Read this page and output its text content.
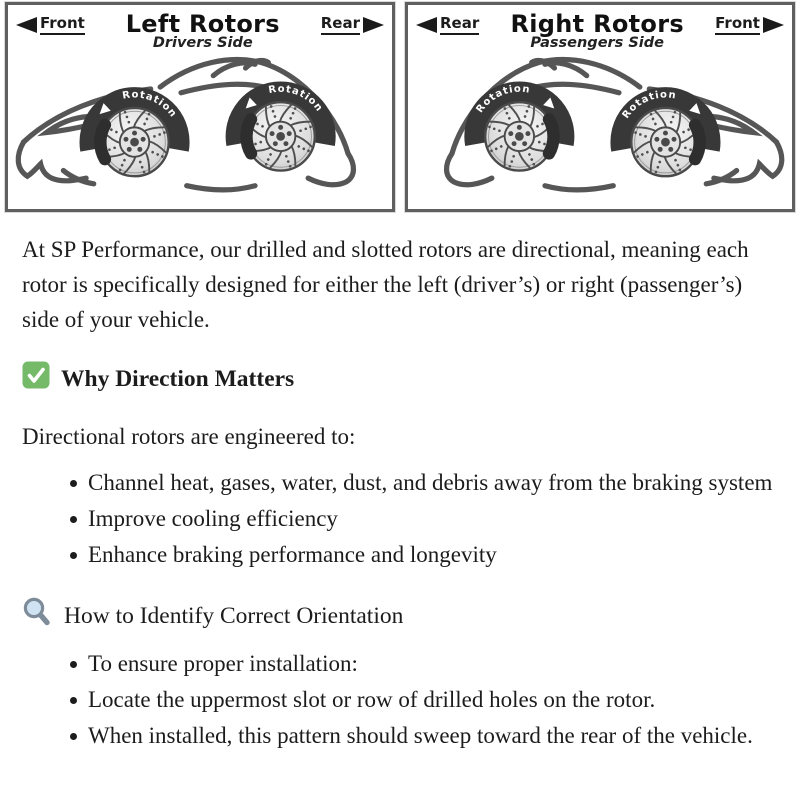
Front Left Rotors
Drivers Side
Rear
Rotation
Rotation
Rear Right Rotors
Passengers Side
Front
Rotation
Rotation

At SP Performance, our drilled and slotted rotors are directional, meaning each rotor is specifically designed for either the left (driver’s) or right (passenger’s) side of your vehicle.

Why Direction Matters

Directional rotors are engineered to:

Channel heat, gases, water, dust, and debris away from the braking system
Improve cooling efficiency
Enhance braking performance and longevity
How to Identify Correct Orientation
To ensure proper installation:
Locate the uppermost slot or row of drilled holes on the rotor.
When installed, this pattern should sweep toward the rear of the vehicle.
